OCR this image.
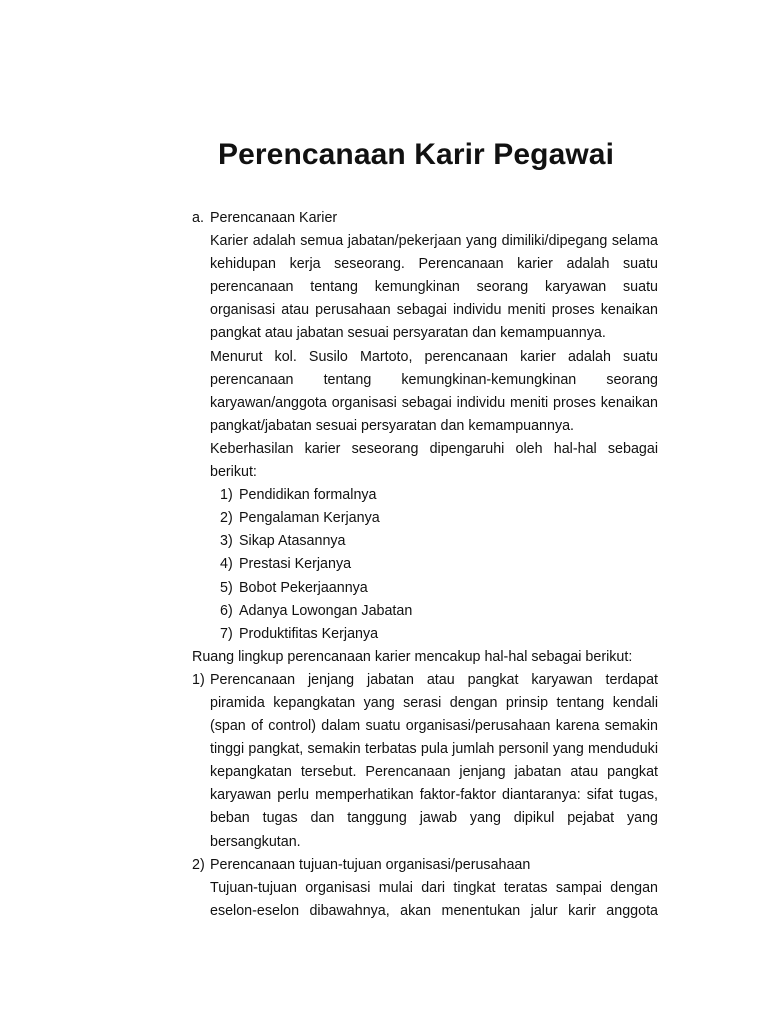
Perencanaan Karir Pegawai
a. Perencanaan Karier
Karier adalah semua jabatan/pekerjaan yang dimiliki/dipegang selama
kehidupan kerja seseorang. Perencanaan karier adalah suatu
perencanaan tentang kemungkinan seorang karyawan suatu
organisasi atau perusahaan sebagai individu meniti proses kenaikan
pangkat atau jabatan sesuai persyaratan dan kemampuannya.
Menurut kol. Susilo Martoto, perencanaan karier adalah suatu
perencanaan tentang kemungkinan-kemungkinan seorang
karyawan/anggota organisasi sebagai individu meniti proses kenaikan
pangkat/jabatan sesuai persyaratan dan kemampuannya.
Keberhasilan karier seseorang dipengaruhi oleh hal-hal sebagai
berikut:
1) Pendidikan formalnya
2) Pengalaman Kerjanya
3) Sikap Atasannya
4) Prestasi Kerjanya
5) Bobot Pekerjaannya
6) Adanya Lowongan Jabatan
7) Produktifitas Kerjanya
Ruang lingkup perencanaan karier mencakup hal-hal sebagai berikut:
1) Perencanaan jenjang jabatan atau pangkat karyawan terdapat
piramida kepangkatan yang serasi dengan prinsip tentang kendali
(span of control) dalam suatu organisasi/perusahaan karena semakin
tinggi pangkat, semakin terbatas pula jumlah personil yang menduduki
kepangkatan tersebut. Perencanaan jenjang jabatan atau pangkat
karyawan perlu memperhatikan faktor-faktor diantaranya: sifat tugas,
beban tugas dan tanggung jawab yang dipikul pejabat yang
bersangkutan.
2) Perencanaan tujuan-tujuan organisasi/perusahaan
Tujuan-tujuan organisasi mulai dari tingkat teratas sampai dengan
eselon-eselon dibawahnya, akan menentukan jalur karir anggota
